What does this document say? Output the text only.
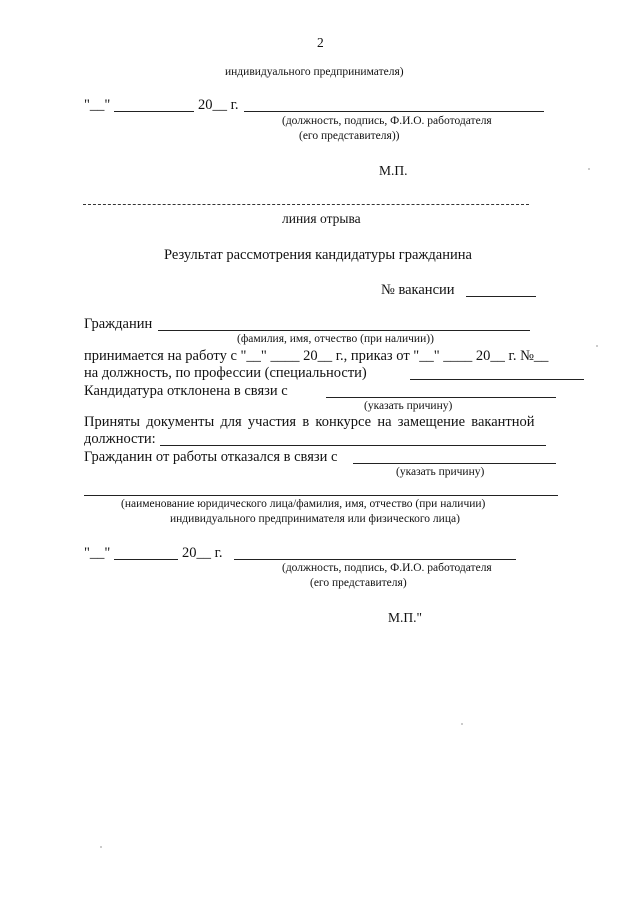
2
индивидуального предпринимателя)
"__"	20__ г.
(должность, подпись, Ф.И.О. работодателя
(его представителя))
М.П.
линия отрыва
Результат рассмотрения кандидатуры гражданина
№ вакансии
Гражданин
(фамилия, имя, отчество (при наличии))
принимается на работу с "__" ____ 20__ г., приказ от "__" ____ 20__ г. №__
на должность, по профессии (специальности)
Кандидатура отклонена в связи с
(указать причину)
Приняты документы для участия в конкурсе на замещение вакантной
должности:
Гражданин от работы отказался в связи с
(указать причину)
(наименование юридического лица/фамилия, имя, отчество (при наличии)
индивидуального предпринимателя или физического лица)
"__"	20__ г.
(должность, подпись, Ф.И.О. работодателя
(его представителя)
М.П."
